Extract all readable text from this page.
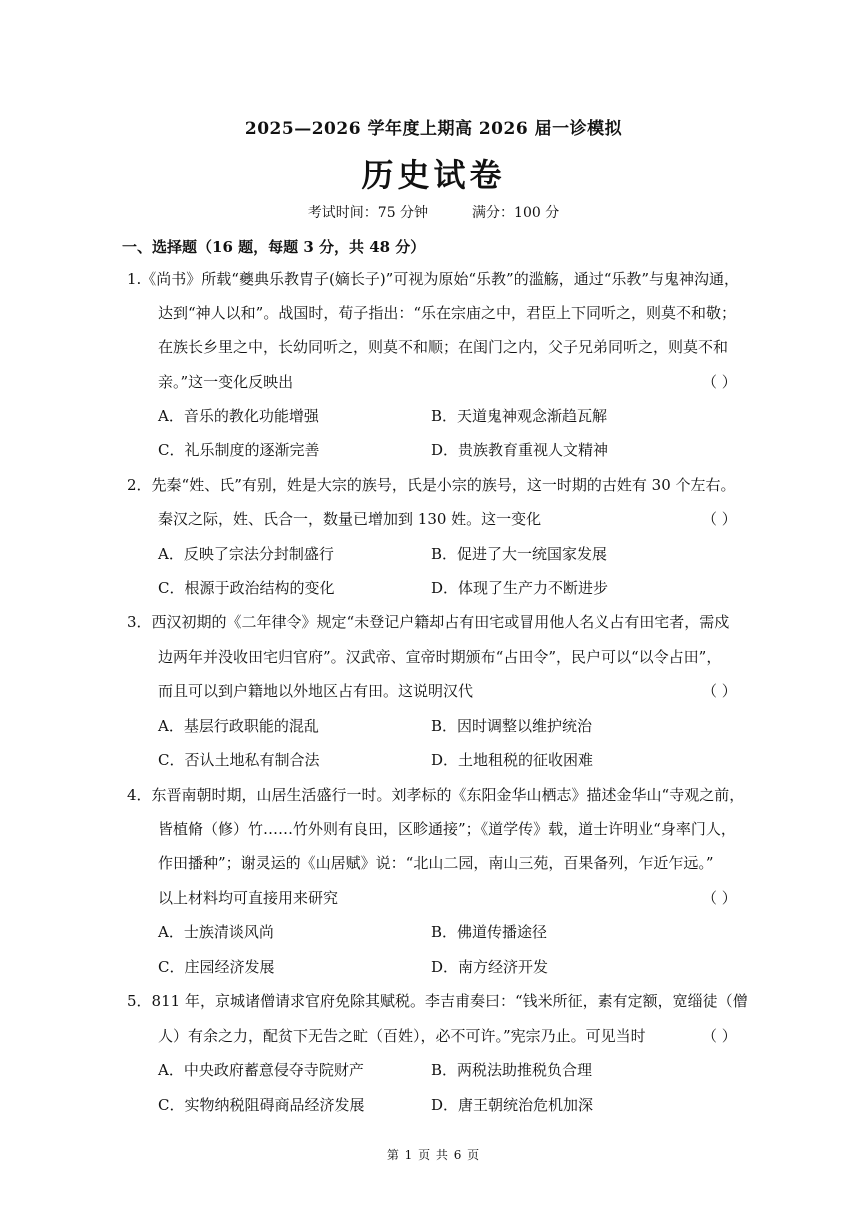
2025—2026 学年度上期高 2026 届一诊模拟
历史试卷
考试时间：75 分钟	满分：100 分
一、选择题（16 题，每题 3 分，共 48 分）
1.《尚书》所载“夔典乐教胄子(嫡长子)”可视为原始“乐教”的滥觞，通过“乐教”与鬼神沟通，
达到“神人以和”。战国时，荀子指出：“乐在宗庙之中，君臣上下同听之，则莫不和敬；
在族长乡里之中，长幼同听之，则莫不和顺；在闺门之内，父子兄弟同听之，则莫不和
亲。”这一变化反映出	（ ）
A．音乐的教化功能增强	B．天道鬼神观念渐趋瓦解
C．礼乐制度的逐渐完善	D．贵族教育重视人文精神
2．先秦“姓、氏”有别，姓是大宗的族号，氏是小宗的族号，这一时期的古姓有 30 个左右。
秦汉之际，姓、氏合一，数量已增加到 130 姓。这一变化	（ ）
A．反映了宗法分封制盛行	B．促进了大一统国家发展
C．根源于政治结构的变化	D．体现了生产力不断进步
3．西汉初期的《二年律令》规定“未登记户籍却占有田宅或冒用他人名义占有田宅者，需戍
边两年并没收田宅归官府”。汉武帝、宣帝时期颁布“占田令”，民户可以“以令占田”，
而且可以到户籍地以外地区占有田。这说明汉代	（ ）
A．基层行政职能的混乱	B．因时调整以维护统治
C．否认土地私有制合法	D．土地租税的征收困难
4．东晋南朝时期，山居生活盛行一时。刘孝标的《东阳金华山栖志》描述金华山“寺观之前，
皆植脩（修）竹……竹外则有良田，区畛通接”；《道学传》载，道士许明业“身率门人，
作田播种”；谢灵运的《山居赋》说：“北山二园，南山三苑，百果备列，乍近乍远。”
以上材料均可直接用来研究	（ ）
A．士族清谈风尚	B．佛道传播途径
C．庄园经济发展	D．南方经济开发
5．811 年，京城诸僧请求官府免除其赋税。李吉甫奏曰：“钱米所征，素有定额，宽缁徒（僧
人）有余之力，配贫下无告之甿（百姓），必不可许。”宪宗乃止。可见当时	（ ）
A．中央政府蓄意侵夺寺院财产	B．两税法助推税负合理
C．实物纳税阻碍商品经济发展	D．唐王朝统治危机加深
第 1 页 共 6 页
